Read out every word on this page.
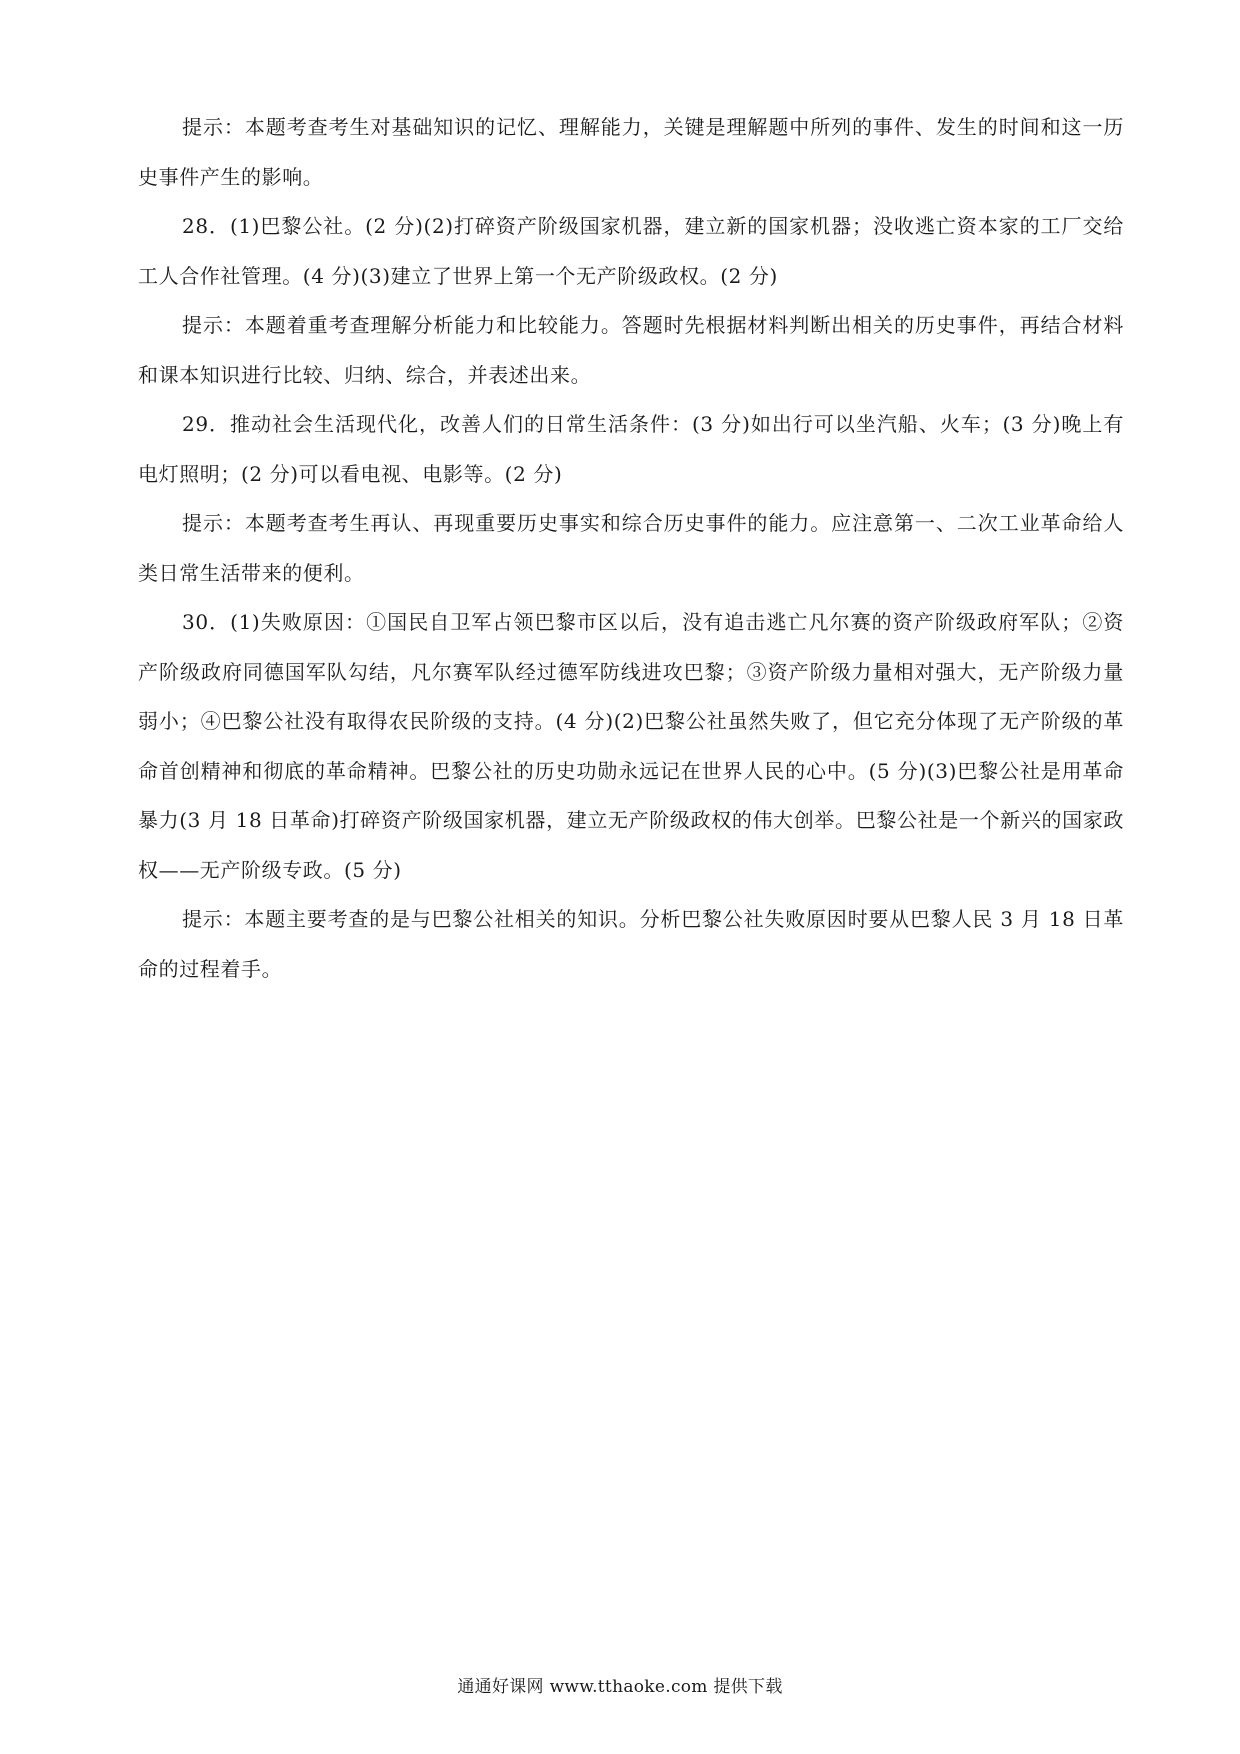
提示：本题考查考生对基础知识的记忆、理解能力，关键是理解题中所列的事件、发生的时间和这一历史事件产生的影响。

28．(1)巴黎公社。(2 分)(2)打碎资产阶级国家机器，建立新的国家机器；没收逃亡资本家的工厂交给工人合作社管理。(4 分)(3)建立了世界上第一个无产阶级政权。(2 分)

提示：本题着重考查理解分析能力和比较能力。答题时先根据材料判断出相关的历史事件，再结合材料和课本知识进行比较、归纳、综合，并表述出来。

29．推动社会生活现代化，改善人们的日常生活条件：(3 分)如出行可以坐汽船、火车；(3 分)晚上有电灯照明；(2 分)可以看电视、电影等。(2 分)

提示：本题考查考生再认、再现重要历史事实和综合历史事件的能力。应注意第一、二次工业革命给人类日常生活带来的便利。

30．(1)失败原因：①国民自卫军占领巴黎市区以后，没有追击逃亡凡尔赛的资产阶级政府军队；②资产阶级政府同德国军队勾结，凡尔赛军队经过德军防线进攻巴黎；③资产阶级力量相对强大，无产阶级力量弱小；④巴黎公社没有取得农民阶级的支持。(4 分)(2)巴黎公社虽然失败了，但它充分体现了无产阶级的革命首创精神和彻底的革命精神。巴黎公社的历史功勋永远记在世界人民的心中。(5 分)(3)巴黎公社是用革命暴力(3 月 18 日革命)打碎资产阶级国家机器，建立无产阶级政权的伟大创举。巴黎公社是一个新兴的国家政权——无产阶级专政。(5 分)

提示：本题主要考查的是与巴黎公社相关的知识。分析巴黎公社失败原因时要从巴黎人民 3 月 18 日革命的过程着手。

通通好课网 www.tthaoke.com 提供下载
